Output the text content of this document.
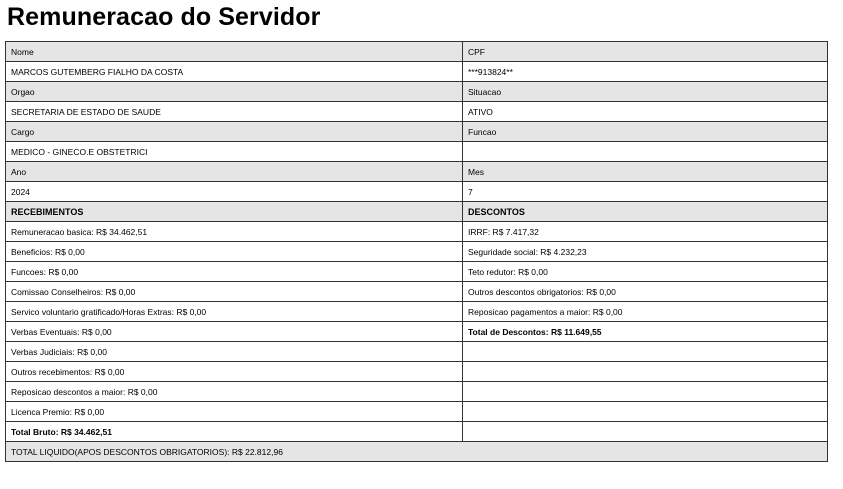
Remuneracao do Servidor
Nome	CPF
MARCOS GUTEMBERG FIALHO DA COSTA	***913824**
Orgao	Situacao
SECRETARIA DE ESTADO DE SAUDE	ATIVO
Cargo	Funcao
MEDICO - GINECO.E OBSTETRICI	
Ano	Mes
2024	7
RECEBIMENTOS	DESCONTOS
Remuneracao basica: R$ 34.462,51	IRRF: R$ 7.417,32
Beneficios: R$ 0,00	Seguridade social: R$ 4.232,23
Funcoes: R$ 0,00	Teto redutor: R$ 0,00
Comissao Conselheiros: R$ 0,00	Outros descontos obrigatorios: R$ 0,00
Servico voluntario gratificado/Horas Extras: R$ 0,00	Reposicao pagamentos a maior: R$ 0,00
Verbas Eventuais: R$ 0,00	Total de Descontos: R$ 11.649,55
Verbas Judiciais: R$ 0,00	
Outros recebimentos: R$ 0,00	
Reposicao descontos a maior: R$ 0,00	
Licenca Premio: R$ 0,00	
Total Bruto: R$ 34.462,51	
TOTAL LIQUIDO(APOS DESCONTOS OBRIGATORIOS): R$ 22.812,96	
